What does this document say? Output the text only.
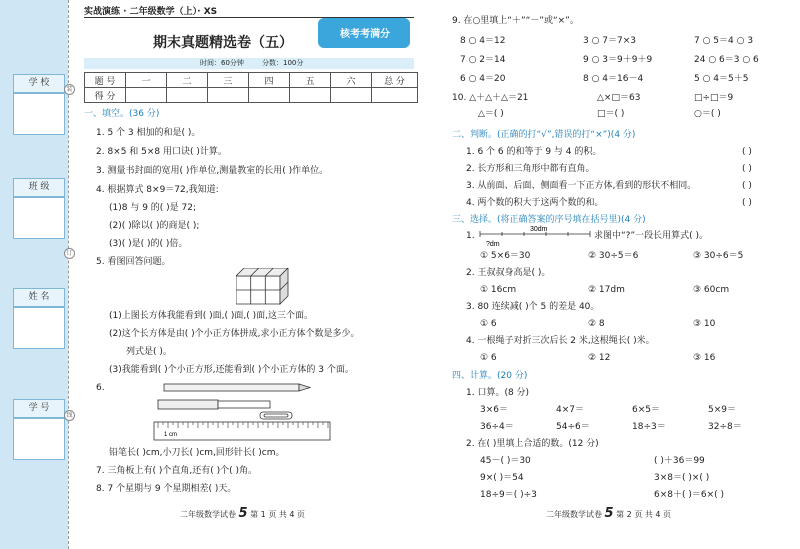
学 校
班 级
姓 名
学 号
装
订
线
实战演练 · 二年级数学（上）· XS
期末真题精选卷（五）
核考考满分
时间：60分钟	分数：100分
题 号	一	二	三	四	五	六	总 分
得 分							
一、填空。(36 分)
1. 5 个 3 相加的和是( )。
2. 8×5 和 5×8 用口诀( )计算。
3. 测量书封面的宽用( )作单位,测量教室的长用( )作单位。
4. 根据算式 8×9＝72,我知道:
(1)8 与 9 的( )是 72;
(2)( )除以( )的商是( );
(3)( )是( )的( )倍。
5. 看图回答问题。
(1)上图长方体我能看到( )面,( )面,( )面,这三个面。
(2)这个长方体是由( )个小正方体拼成,求小正方体个数是多少。
列式是( )。
(3)我能看到( )个小正方形,还能看到( )个小正方体的 3 个面。
6.
1 cm
铅笔长( )cm,小刀长( )cm,回形针长( )cm。
7. 三角板上有( )个直角,还有( )个( )角。
8. 7 个星期与 9 个星期相差( )天。
二年级数学试卷 5 第 1 页 共 4 页
9. 在○里填上“＋”“－”或“×”。
8 ○ 4＝12	3 ○ 7＝7×3	7 ○ 5＝4 ○ 3
7 ○ 2＝14	9 ○ 3＝9＋9＋9	24 ○ 6＝3 ○ 6
6 ○ 4＝20	8 ○ 4＝16－4	5 ○ 4＝5＋5
10. △＋△＋△＝21	△×□＝63	□÷□＝9
△＝( )	□＝( )	○＝( )
二、判断。(正确的打“√”,错误的打“×”)(4 分)
1. 6 个 6 的和等于 9 与 4 的积。	( )
2. 长方形和三角形中都有直角。	( )
3. 从前面、后面、侧面看一下正方体,看到的形状不相同。	( )
4. 两个数的积大于这两个数的和。	( )
三、选择。(将正确答案的序号填在括号里)(4 分)
1.
30dm
?dm
求图中“?”一段长用算式( )。
① 5×6＝30	② 30÷5＝6	③ 30÷6＝5
2. 王叔叔身高是( )。
① 16cm	② 17dm	③ 60cm
3. 80 连续减( )个 5 的差是 40。
① 6	② 8	③ 10
4. 一根绳子对折三次后长 2 米,这根绳长( )米。
① 6	② 12	③ 16
四、计算。(20 分)
1. 口算。(8 分)
3×6＝	4×7＝	6×5＝	5×9＝
36÷4＝	54÷6＝	18÷3＝	32÷8＝
2. 在( )里填上合适的数。(12 分)
45－( )＝30	( )＋36＝99
9×( )＝54	3×8＝( )×( )
18÷9＝( )÷3	6×8＋( )＝6×( )
二年级数学试卷 5 第 2 页 共 4 页
